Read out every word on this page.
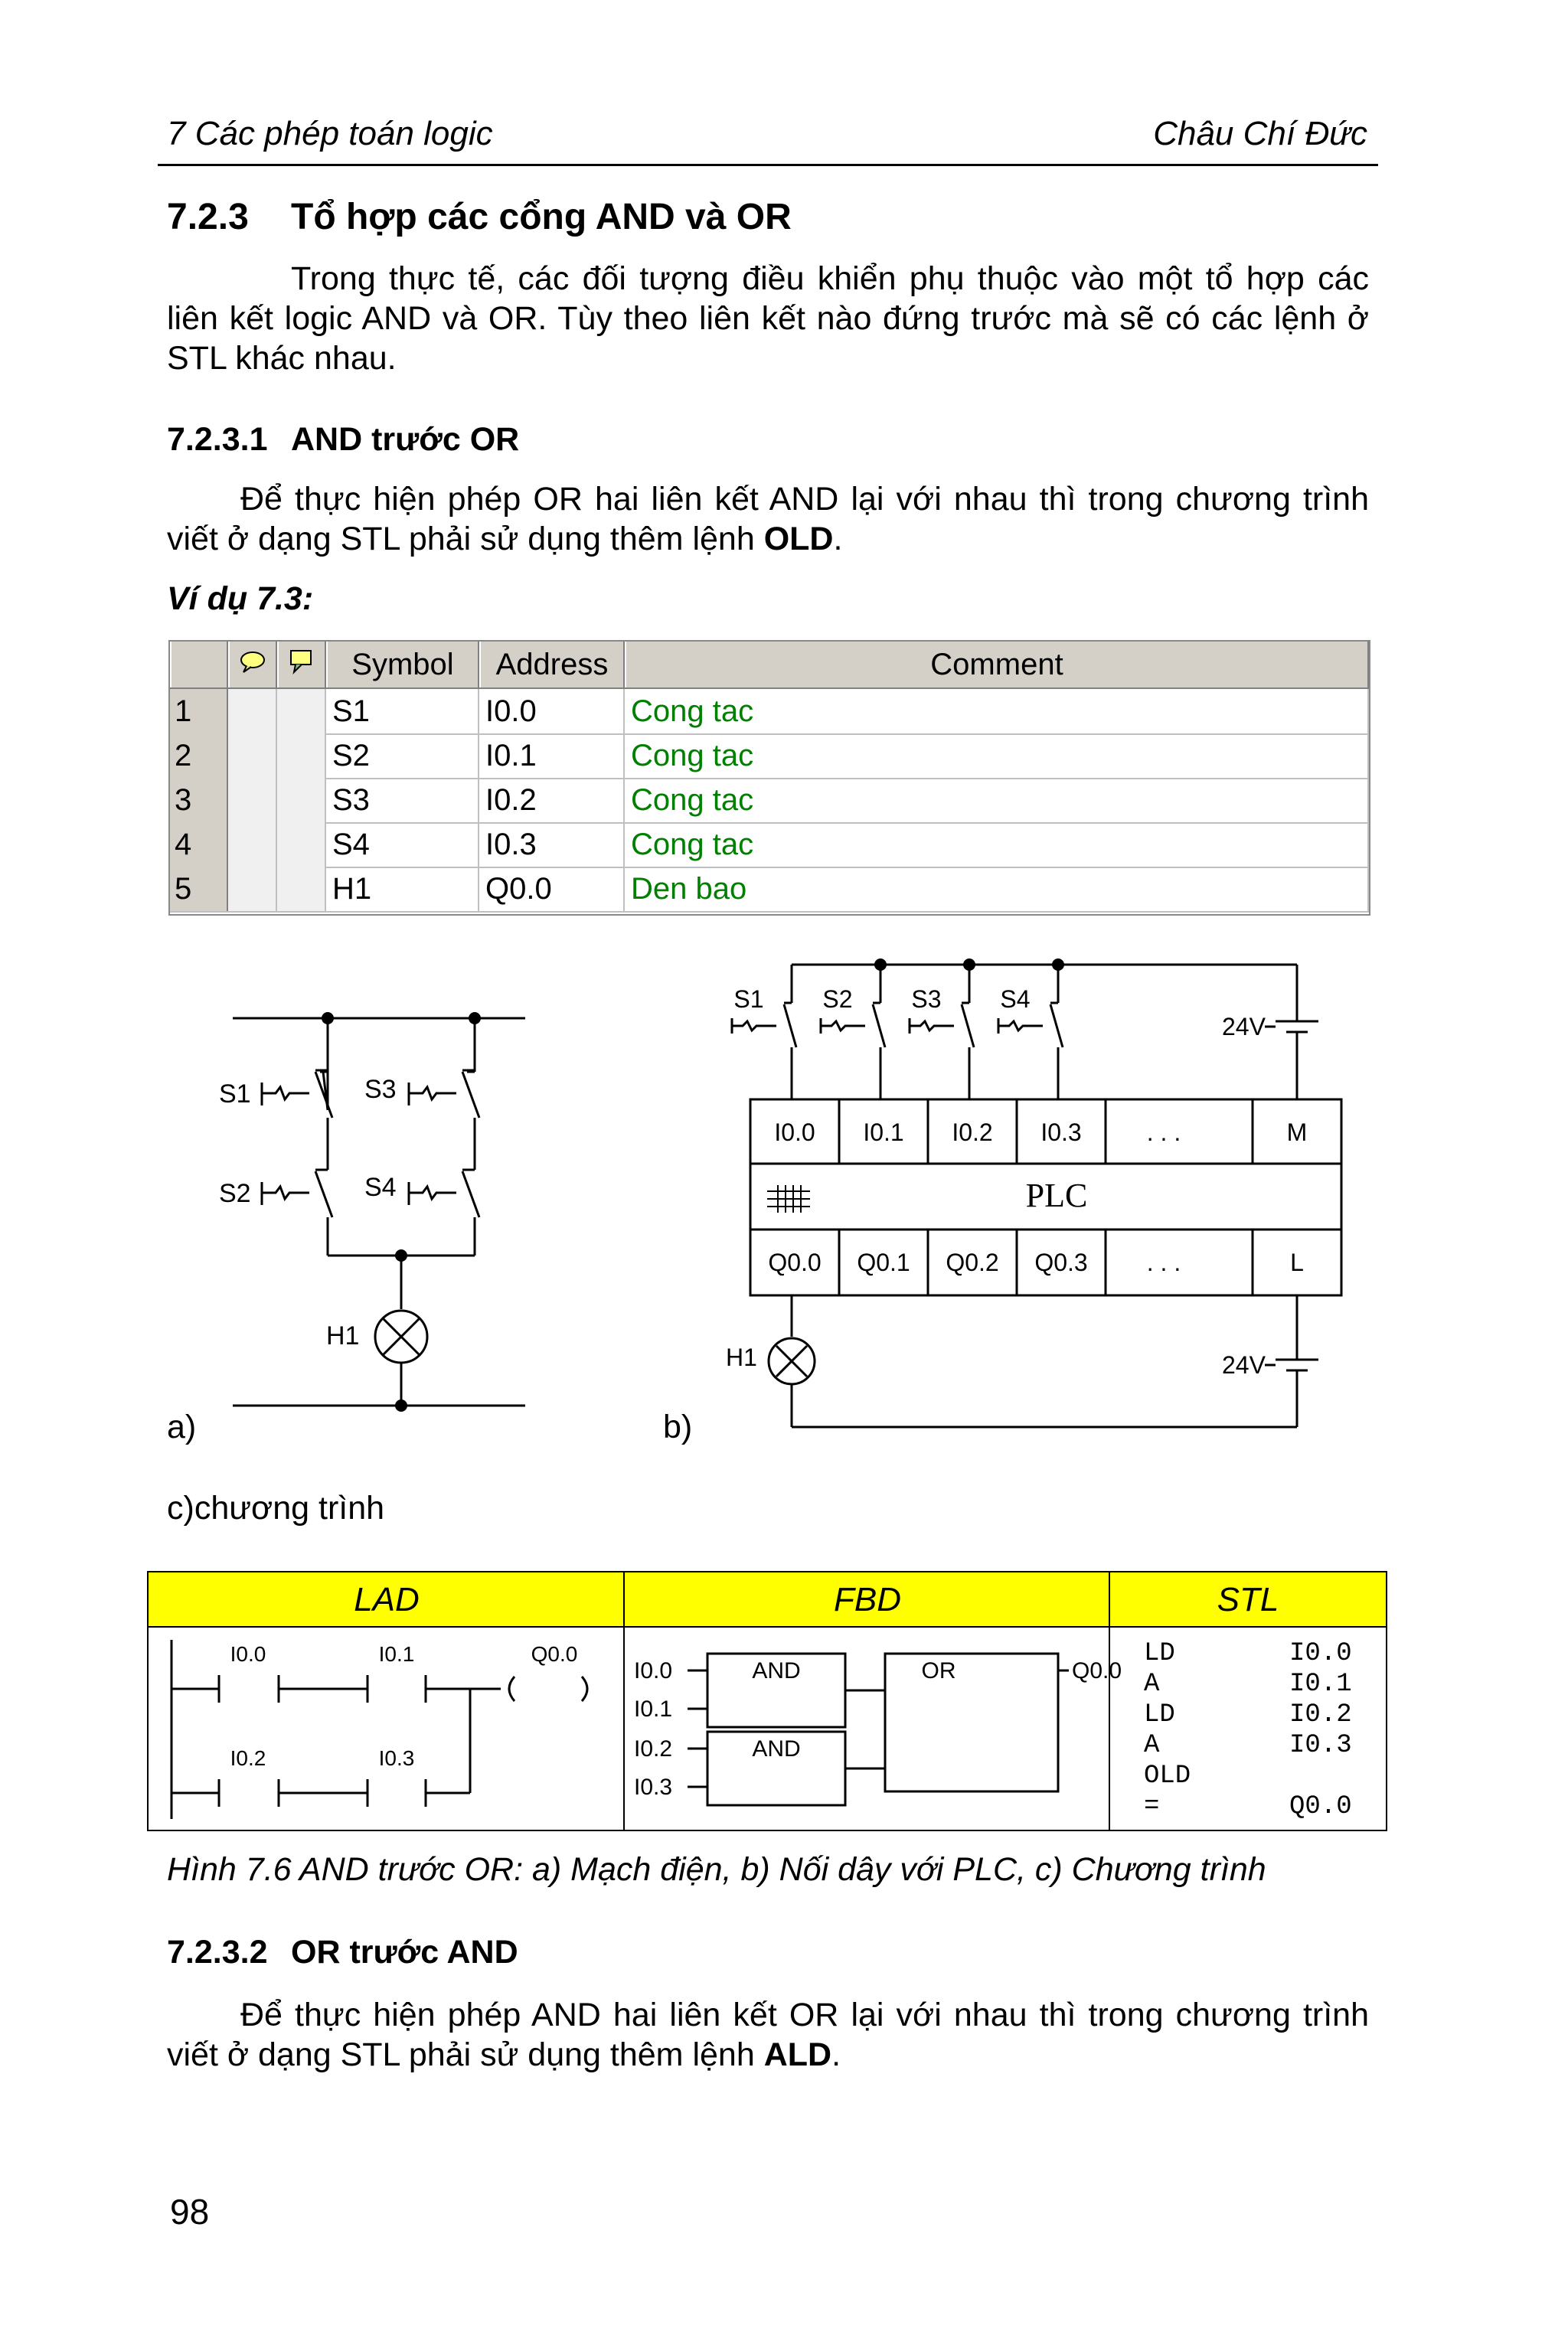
7 Các phép toán logic	Châu Chí Đức
7.2.3 Tổ hợp các cổng AND và OR
Trong thực tế, các đối tượng điều khiển phụ thuộc vào một tổ hợp các liên kết logic AND và OR. Tùy theo liên kết nào đứng trước mà sẽ có các lệnh ở STL khác nhau.
7.2.3.1 AND trước OR
Để thực hiện phép OR hai liên kết AND lại với nhau thì trong chương trình viết ở dạng STL phải sử dụng thêm lệnh OLD.
Ví dụ 7.3:
Symbol	Address	Comment
1	S1	I0.0	Cong tac
2	S2	I0.1	Cong tac
3	S3	I0.2	Cong tac
4	S4	I0.3	Cong tac
5	H1	Q0.0	Den bao
S1
S2
S3
S4
H1
a)
S1 S2 S3 S4
I0.0 I0.1 I0.2 I0.3	. . .	M
Q0.0 Q0.1 Q0.2 Q0.3 . . .	L
PLC
24V
24V
H1
b)
c)chương trình
LAD	FBD	STL
I0.0	I0.1
I0.2	I0.3
Q0.0
I0.0
I0.1
I0.2
I0.3
AND
AND
OR	Q0.0
LD	I0.0
A	I0.1
LD	I0.2
A	I0.3
OLD
=	Q0.0
Hình 7.6 AND trước OR: a) Mạch điện, b) Nối dây với PLC, c) Chương trình
7.2.3.2 OR trước AND
Để thực hiện phép AND hai liên kết OR lại với nhau thì trong chương trình viết ở dạng STL phải sử dụng thêm lệnh ALD.
98
